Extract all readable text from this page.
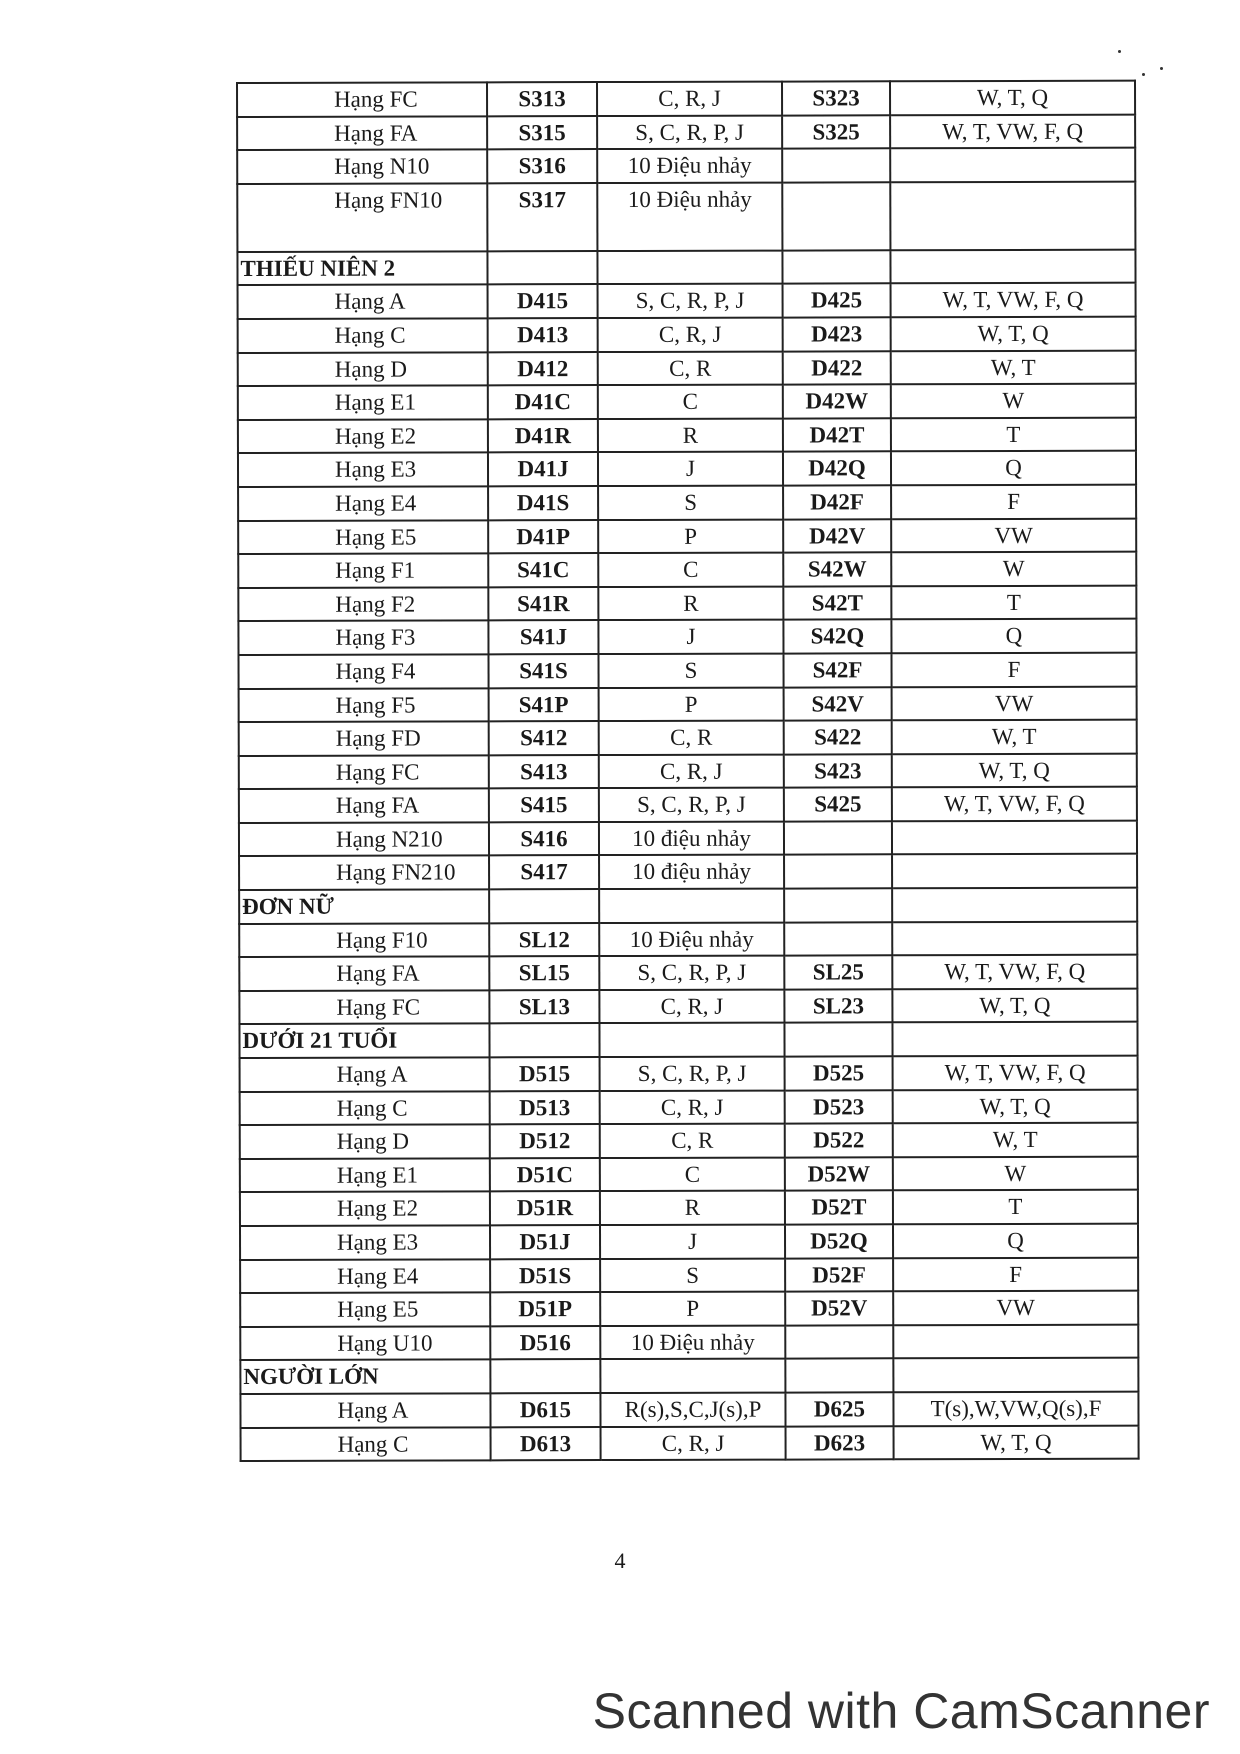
Hạng FC	S313	C, R, J	S323	W, T, Q
Hạng FA	S315	S, C, R, P, J	S325	W, T, VW, F, Q
Hạng N10	S316	10 Điệu nhảy		
Hạng FN10	S317	10 Điệu nhảy		
THIẾU NIÊN 2				
Hạng A	D415	S, C, R, P, J	D425	W, T, VW, F, Q
Hạng C	D413	C, R, J	D423	W, T, Q
Hạng D	D412	C, R	D422	W, T
Hạng E1	D41C	C	D42W	W
Hạng E2	D41R	R	D42T	T
Hạng E3	D41J	J	D42Q	Q
Hạng E4	D41S	S	D42F	F
Hạng E5	D41P	P	D42V	VW
Hạng F1	S41C	C	S42W	W
Hạng F2	S41R	R	S42T	T
Hạng F3	S41J	J	S42Q	Q
Hạng F4	S41S	S	S42F	F
Hạng F5	S41P	P	S42V	VW
Hạng FD	S412	C, R	S422	W, T
Hạng FC	S413	C, R, J	S423	W, T, Q
Hạng FA	S415	S, C, R, P, J	S425	W, T, VW, F, Q
Hạng N210	S416	10 điệu nhảy		
Hạng FN210	S417	10 điệu nhảy		
ĐƠN NỮ				
Hạng F10	SL12	10 Điệu nhảy		
Hạng FA	SL15	S, C, R, P, J	SL25	W, T, VW, F, Q
Hạng FC	SL13	C, R, J	SL23	W, T, Q
DƯỚI 21 TUỔI				
Hạng A	D515	S, C, R, P, J	D525	W, T, VW, F, Q
Hạng C	D513	C, R, J	D523	W, T, Q
Hạng D	D512	C, R	D522	W, T
Hạng E1	D51C	C	D52W	W
Hạng E2	D51R	R	D52T	T
Hạng E3	D51J	J	D52Q	Q
Hạng E4	D51S	S	D52F	F
Hạng E5	D51P	P	D52V	VW
Hạng U10	D516	10 Điệu nhảy		
NGƯỜI LỚN				
Hạng A	D615	R(s),S,C,J(s),P	D625	T(s),W,VW,Q(s),F
Hạng C	D613	C, R, J	D623	W, T, Q
4
Scanned with CamScanner
